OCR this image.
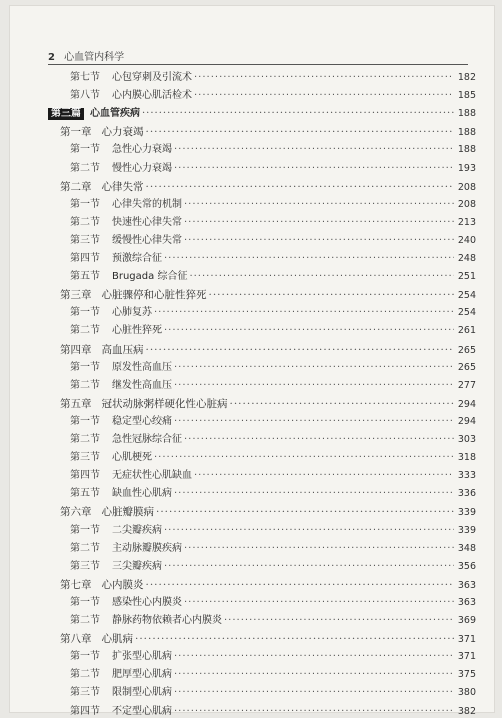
2 心血管内科学
第七节 心包穿刺及引流术 ·····	182
第八节 心内膜心肌活检术 ·····	185
第三篇 心血管疾病 ·····	188
第一章 心力衰竭 ·····	188
第一节 急性心力衰竭 ·····	188
第二节 慢性心力衰竭 ·····	193
第二章 心律失常 ·····	208
第一节 心律失常的机制 ·····	208
第二节 快速性心律失常 ·····	213
第三节 缓慢性心律失常 ·····	240
第四节 预激综合征 ·····	248
第五节 Brugada 综合征 ·····	251
第三章 心脏骤停和心脏性猝死 ·····	254
第一节 心肺复苏 ·····	254
第二节 心脏性猝死 ·····	261
第四章 高血压病 ·····	265
第一节 原发性高血压 ·····	265
第二节 继发性高血压 ·····	277
第五章 冠状动脉粥样硬化性心脏病 ·····	294
第一节 稳定型心绞痛 ·····	294
第二节 急性冠脉综合征 ·····	303
第三节 心肌梗死 ·····	318
第四节 无症状性心肌缺血 ·····	333
第五节 缺血性心肌病 ·····	336
第六章 心脏瓣膜病 ·····	339
第一节 二尖瓣疾病 ·····	339
第二节 主动脉瓣膜疾病 ·····	348
第三节 三尖瓣疾病 ·····	356
第七章 心内膜炎 ·····	363
第一节 感染性心内膜炎 ·····	363
第二节 静脉药物依赖者心内膜炎 ·····	369
第八章 心肌病 ·····	371
第一节 扩张型心肌病 ·····	371
第二节 肥厚型心肌病 ·····	375
第三节 限制型心肌病 ·····	380
第四节 不定型心肌病 ·····	382
